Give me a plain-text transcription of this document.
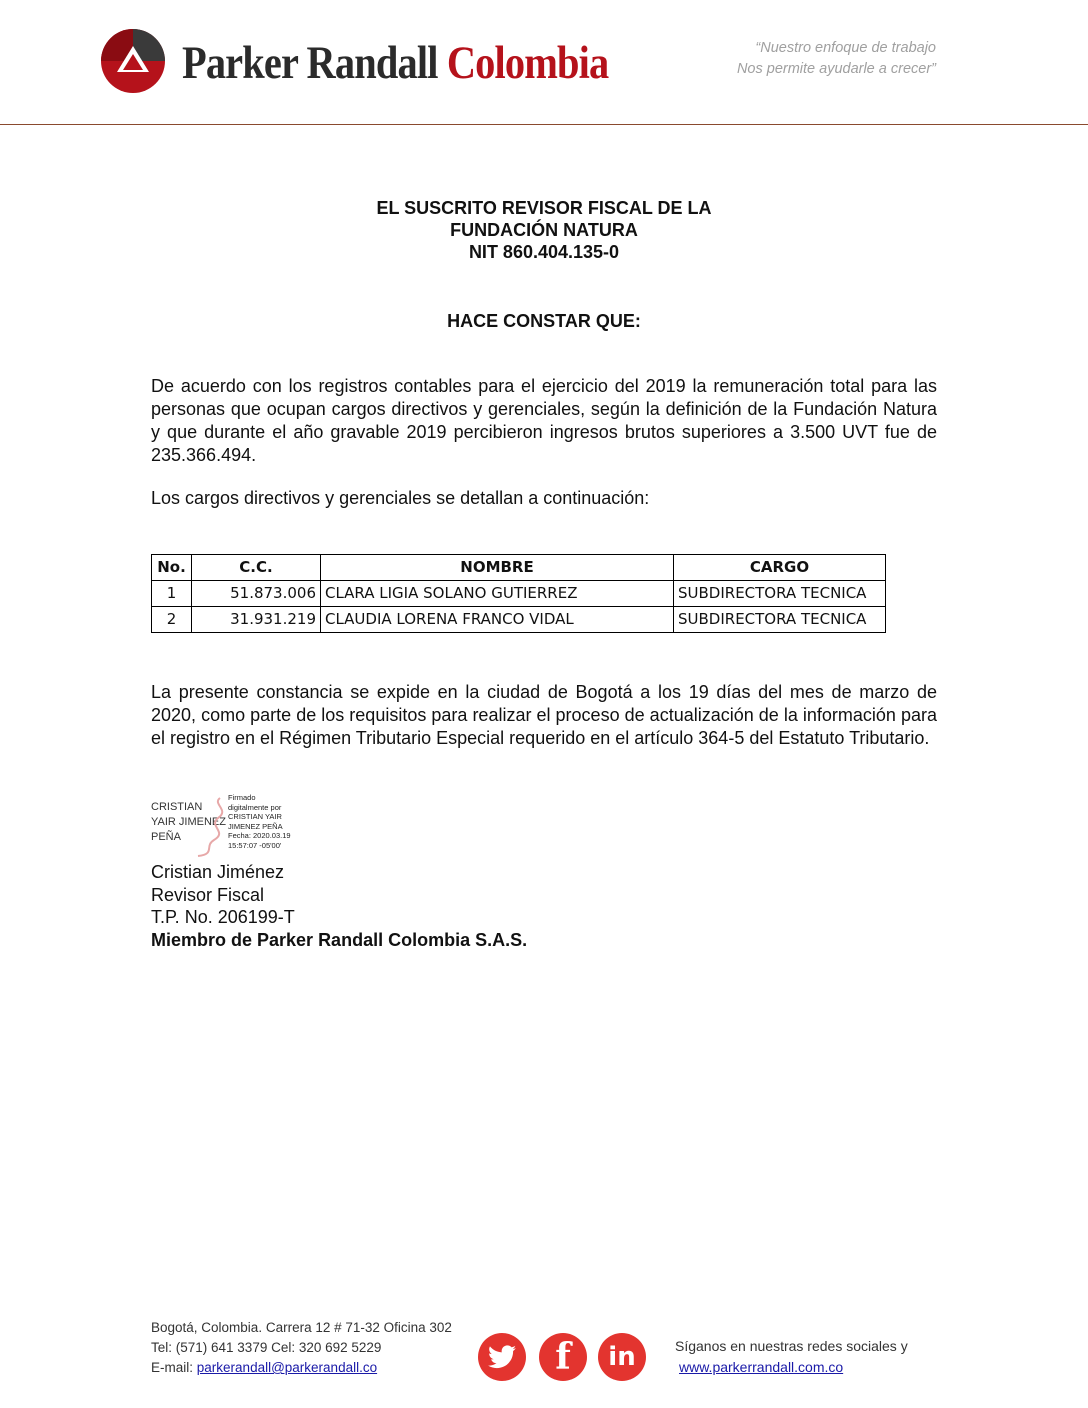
Parker Randall Colombia	“Nuestro enfoque de trabajo
Nos permite ayudarle a crecer”
EL SUSCRITO REVISOR FISCAL DE LA
FUNDACIÓN NATURA
NIT 860.404.135-0
HACE CONSTAR QUE:
De acuerdo con los registros contables para el ejercicio del 2019 la remuneración total para las personas que ocupan cargos directivos y gerenciales, según la definición de la Fundación Natura y que durante el año gravable 2019 percibieron ingresos brutos superiores a 3.500 UVT fue de 235.366.494.
Los cargos directivos y gerenciales se detallan a continuación:
No.	C.C.	NOMBRE	CARGO
1	51.873.006	CLARA LIGIA SOLANO GUTIERREZ	SUBDIRECTORA TECNICA
2	31.931.219	CLAUDIA LORENA FRANCO VIDAL	SUBDIRECTORA TECNICA
La presente constancia se expide en la ciudad de Bogotá a los 19 días del mes de marzo de 2020, como parte de los requisitos para realizar el proceso de actualización de la información para el registro en el Régimen Tributario Especial requerido en el artículo 364-5 del Estatuto Tributario.
CRISTIAN
YAIR JIMENEZ
PEÑA
Firmado
digitalmente por
CRISTIAN YAIR
JIMENEZ PEÑA
Fecha: 2020.03.19
15:57:07 -05'00'
Cristian Jiménez
Revisor Fiscal
T.P. No. 206199-T
Miembro de Parker Randall Colombia S.A.S.
Bogotá, Colombia. Carrera 12 # 71-32 Oficina 302
Tel: (571) 641 3379 Cel: 320 692 5229
E-mail: parkerandall@parkerandall.co	f	in	Síganos en nuestras redes sociales y
www.parkerrandall.com.co
